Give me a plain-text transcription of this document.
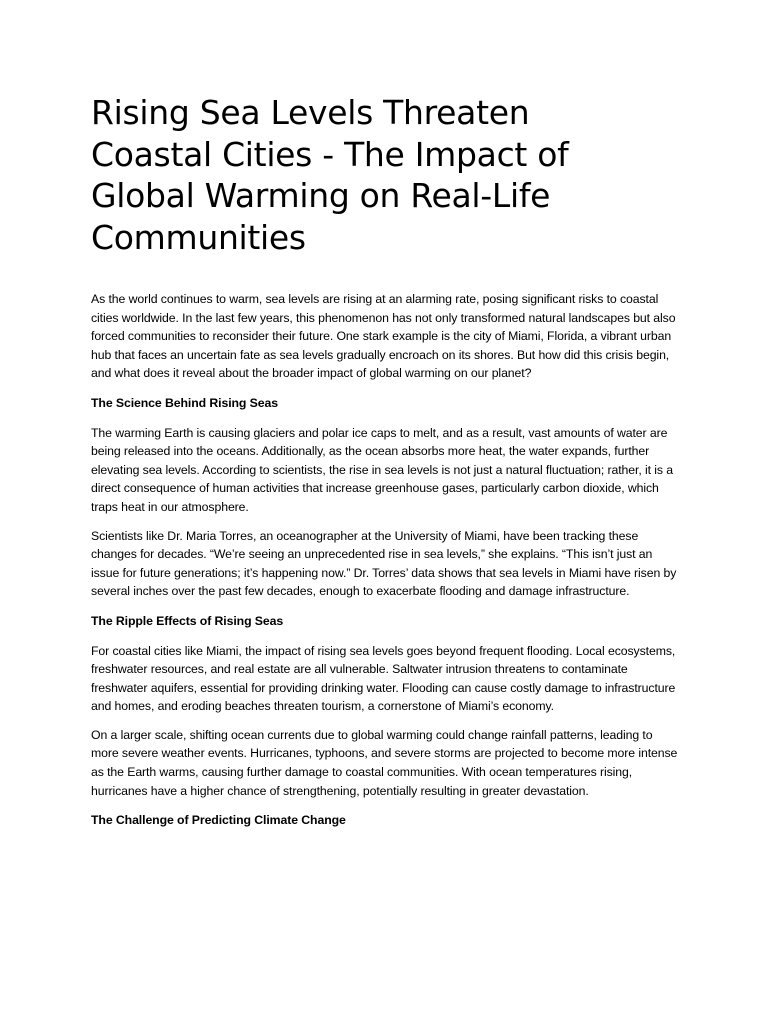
Rising Sea Levels Threaten Coastal Cities - The Impact of Global Warming on Real-Life Communities

As the world continues to warm, sea levels are rising at an alarming rate, posing significant risks to coastal cities worldwide. In the last few years, this phenomenon has not only transformed natural landscapes but also forced communities to reconsider their future. One stark example is the city of Miami, Florida, a vibrant urban hub that faces an uncertain fate as sea levels gradually encroach on its shores. But how did this crisis begin, and what does it reveal about the broader impact of global warming on our planet?

The Science Behind Rising Seas

The warming Earth is causing glaciers and polar ice caps to melt, and as a result, vast amounts of water are being released into the oceans. Additionally, as the ocean absorbs more heat, the water expands, further elevating sea levels. According to scientists, the rise in sea levels is not just a natural fluctuation; rather, it is a direct consequence of human activities that increase greenhouse gases, particularly carbon dioxide, which traps heat in our atmosphere.

Scientists like Dr. Maria Torres, an oceanographer at the University of Miami, have been tracking these changes for decades. “We’re seeing an unprecedented rise in sea levels,” she explains. “This isn’t just an issue for future generations; it’s happening now.” Dr. Torres’ data shows that sea levels in Miami have risen by several inches over the past few decades, enough to exacerbate flooding and damage infrastructure.

The Ripple Effects of Rising Seas

For coastal cities like Miami, the impact of rising sea levels goes beyond frequent flooding. Local ecosystems, freshwater resources, and real estate are all vulnerable. Saltwater intrusion threatens to contaminate freshwater aquifers, essential for providing drinking water. Flooding can cause costly damage to infrastructure and homes, and eroding beaches threaten tourism, a cornerstone of Miami’s economy.

On a larger scale, shifting ocean currents due to global warming could change rainfall patterns, leading to more severe weather events. Hurricanes, typhoons, and severe storms are projected to become more intense as the Earth warms, causing further damage to coastal communities. With ocean temperatures rising, hurricanes have a higher chance of strengthening, potentially resulting in greater devastation.

The Challenge of Predicting Climate Change
